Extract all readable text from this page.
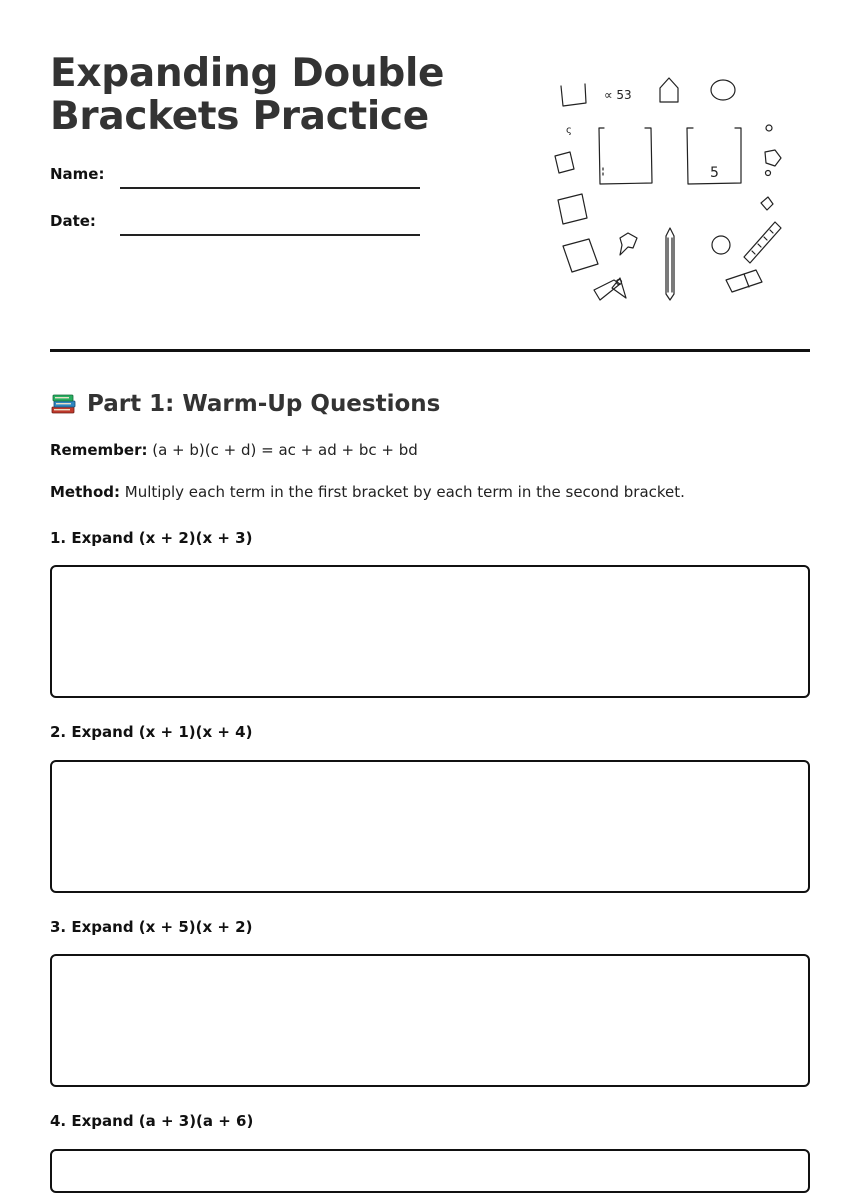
Expanding Double
Brackets Practice
Name:
Date:
∝ 53
ς
5
Part 1: Warm-Up Questions
Remember: (a + b)(c + d) = ac + ad + bc + bd
Method: Multiply each term in the first bracket by each term in the second bracket.
1. Expand (x + 2)(x + 3)
2. Expand (x + 1)(x + 4)
3. Expand (x + 5)(x + 2)
4. Expand (a + 3)(a + 6)
